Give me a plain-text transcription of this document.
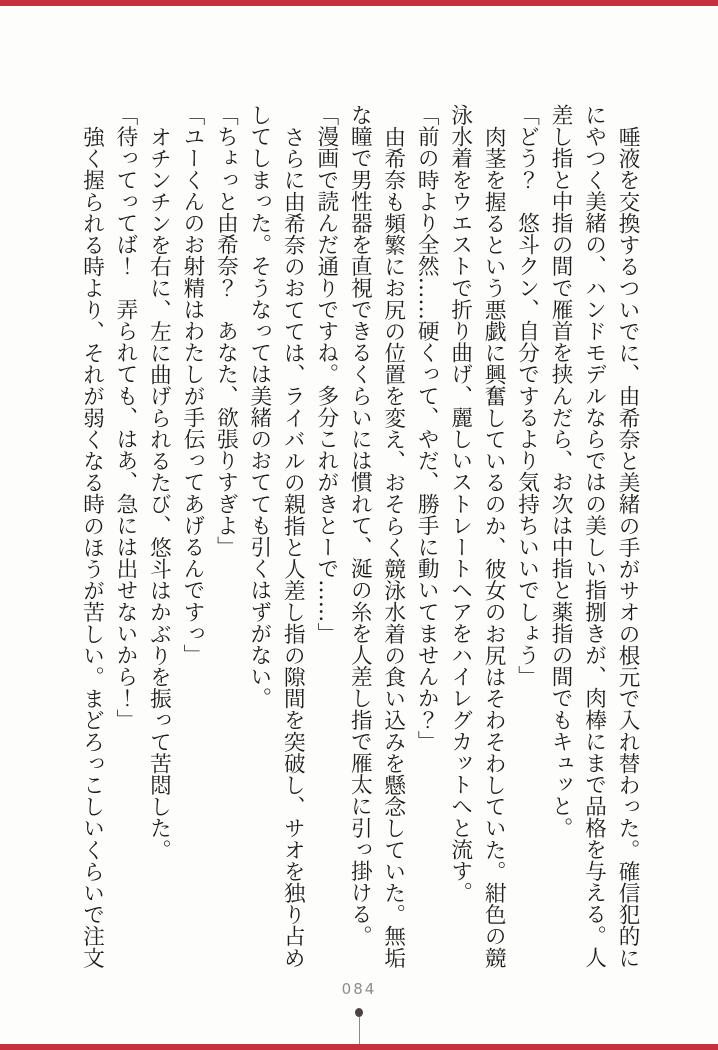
唾液を交換するついでに、由希奈と美緒の手がサオの根元で入れ替わった。確信犯的ににやつく美緒の、ハンドモデルならではの美しい指捌きが、肉棒にまで品格を与える。人差し指と中指の間で雁首を挟んだら、お次は中指と薬指の間でもキュッと。

「どう？　悠斗クン、自分でするより気持ちいいでしょう」

肉茎を握るという悪戯に興奮しているのか、彼女のお尻はそわそわしていた。紺色の競泳水着をウエストで折り曲げ、麗しいストレートヘアをハイレグカットへと流す。

「前の時より全然……硬くって、やだ、勝手に動いてませんか？」

由希奈も頻繁にお尻の位置を変え、おそらく競泳水着の食い込みを懸念していた。無垢な瞳で男性器を直視できるくらいには慣れて、涎の糸を人差し指で雁太に引っ掛ける。

「漫画で読んだ通りですね。多分これがきとーで……」

さらに由希奈のおてては、ライバルの親指と人差し指の隙間を突破し、サオを独り占めしてしまった。そうなっては美緒のおてても引くはずがない。

「ちょっと由希奈？　あなた、欲張りすぎよ」

「ユーくんのお射精はわたしが手伝ってあげるんですっ」

オチンチンを右に、左に曲げられるたび、悠斗はかぶりを振って苦悶した。

「待ってってば！　弄られても、はあ、急には出せないから！」

強く握られる時より、それが弱くなる時のほうが苦しい。まどろっこしいくらいで注文

084
